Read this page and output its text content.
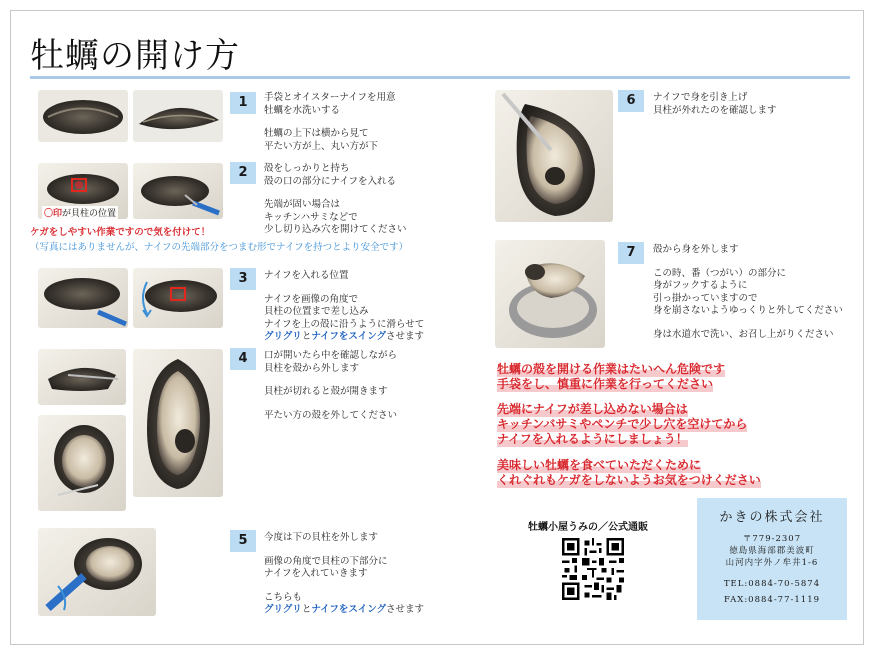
牡蠣の開け方
〇印が貝柱の位置
ケガをしやすい作業ですので気を付けて！
（写真にはありませんが、ナイフの先端部分をつまむ形でナイフを持つとより安全です）
1	手袋とオイスターナイフを用意
牡蠣を水洗いする
牡蠣の上下は横から見て
平たい方が上、丸い方が下
2	殻をしっかりと持ち
殻の口の部分にナイフを入れる
先端が固い場合は
キッチンハサミなどで
少し切り込み穴を開けてください
3	ナイフを入れる位置
ナイフを画像の角度で
貝柱の位置まで差し込み
ナイフを上の殻に沿うように滑らせて
グリグリとナイフをスイングさせます
4	口が開いたら中を確認しながら
貝柱を殻から外します
貝柱が切れると殻が開きます
平たい方の殻を外してください
5	今度は下の貝柱を外します
画像の角度で貝柱の下部分に
ナイフを入れていきます
こちらも
グリグリとナイフをスイングさせます
6	ナイフで身を引き上げ
貝柱が外れたのを確認します
7	殻から身を外します
この時、番（つがい）の部分に
身がフックするように
引っ掛かっていますので
身を崩さないようゆっくりと外してください
身は水道水で洗い、お召し上がりください
牡蠣の殻を開ける作業はたいへん危険です
手袋をし、慎重に作業を行ってください
先端にナイフが差し込めない場合は
キッチンバサミやペンチで少し穴を空けてから
ナイフを入れるようにしましょう！
美味しい牡蠣を食べていただくために
くれぐれもケガをしないようお気をつけください
牡蠣小屋うみの／公式通販
かきの株式会社
〒779-2307
徳島県海部郡美波町
山河内字外ノ牟井1-6
TEL:0884-70-5874
FAX:0884-77-1119
